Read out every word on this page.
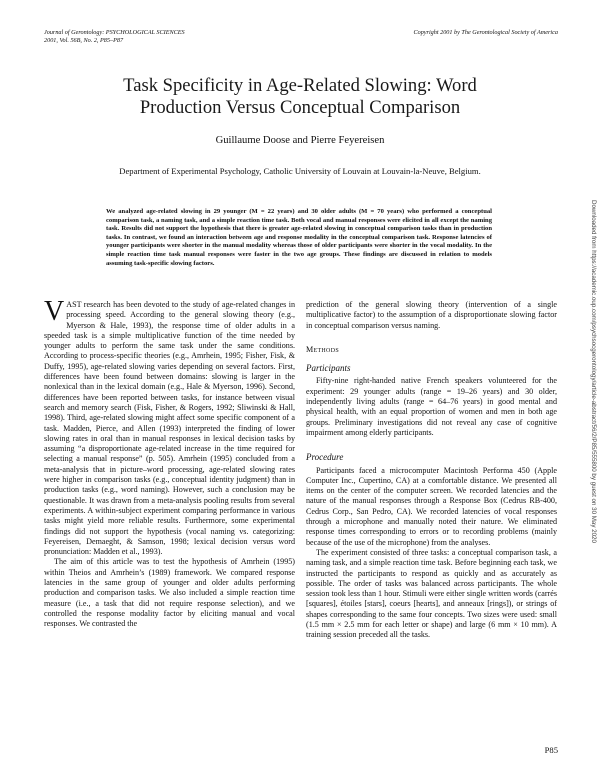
Journal of Gerontology: PSYCHOLOGICAL SCIENCES
2001, Vol. 56B, No. 2, P85–P87
Copyright 2001 by The Gerontological Society of America
Task Specificity in Age-Related Slowing: Word
Production Versus Conceptual Comparison
Guillaume Doose and Pierre Feyereisen
Department of Experimental Psychology, Catholic University of Louvain at Louvain-la-Neuve, Belgium.
We analyzed age-related slowing in 29 younger (M = 22 years) and 30 older adults (M = 70 years) who performed a conceptual comparison task, a naming task, and a simple reaction time task. Both vocal and manual responses were elicited in all except the naming task. Results did not support the hypothesis that there is greater age-related slowing in conceptual comparison tasks than in production tasks. In contrast, we found an interaction between age and response modality in the conceptual comparison task. Response latencies of younger participants were shorter in the manual modality whereas those of older participants were shorter in the vocal modality. In the simple reaction time task manual responses were faster in the two age groups. These findings are discussed in relation to models assuming task-specific slowing factors.	Downloaded from https://academic.oup.com/psychsocgerontology/article-abstract/56/2/P85/555800 by guest on 30 May 2020

VAST research has been devoted to the study of age-related changes in processing speed. According to the general slowing theory (e.g., Myerson & Hale, 1993), the response time of older adults in a speeded task is a simple multiplicative function of the time needed by younger adults to perform the same task under the same conditions. According to process-specific theories (e.g., Amrhein, 1995; Fisher, Fisk, & Duffy, 1995), age-related slowing varies depending on several factors. First, differences have been found between domains: slowing is larger in the nonlexical than in the lexical domain (e.g., Hale & Myerson, 1996). Second, differences have been reported between tasks, for instance between visual search and memory search (Fisk, Fisher, & Rogers, 1992; Sliwinski & Hall, 1998). Third, age-related slowing might affect some specific component of a task. Madden, Pierce, and Allen (1993) interpreted the finding of lower slowing rates in oral than in manual responses in lexical decision tasks by assuming “a disproportionate age-related increase in the time required for selecting a manual response” (p. 505). Amrhein (1995) concluded from a meta-analysis that in picture–word processing, age-related slowing rates were higher in comparison tasks (e.g., conceptual identity judgment) than in production tasks (e.g., word naming). However, such a conclusion may be questionable. It was drawn from a meta-analysis pooling results from several experiments. A within-subject experiment comparing performance in various tasks might yield more reliable results. Furthermore, some experimental findings did not support the hypothesis (vocal naming vs. categorizing: Feyereisen, Demaeght, & Samson, 1998; lexical decision versus word pronunciation: Madden et al., 1993).

The aim of this article was to test the hypothesis of Amrhein (1995) within Theios and Amrhein’s (1989) framework. We compared response latencies in the same group of younger and older adults performing production and comparison tasks. We also included a simple reaction time measure (i.e., a task that did not require response selection), and we controlled the response modality factor by eliciting manual and vocal responses. We contrasted the

prediction of the general slowing theory (intervention of a single multiplicative factor) to the assumption of a disproportionate slowing factor in conceptual comparison versus naming.

Methods
Participants

Fifty-nine right-handed native French speakers volunteered for the experiment: 29 younger adults (range = 19–26 years) and 30 older, independently living adults (range = 64–76 years) in good mental and physical health, with an equal proportion of women and men in both age groups. Preliminary investigations did not reveal any case of cognitive impairment among elderly participants.

Procedure

Participants faced a microcomputer Macintosh Performa 450 (Apple Computer Inc., Cupertino, CA) at a comfortable distance. We presented all items on the center of the computer screen. We recorded latencies and the nature of the manual responses through a Response Box (Cedrus RB-400, Cedrus Corp., San Pedro, CA). We recorded latencies of vocal responses through a microphone and manually noted their nature. We eliminated response times corresponding to errors or to recording problems (mainly because of the use of the microphone) from the analyses.

The experiment consisted of three tasks: a conceptual comparison task, a naming task, and a simple reaction time task. Before beginning each task, we instructed the participants to respond as quickly and as accurately as possible. The order of tasks was balanced across participants. The whole session took less than 1 hour. Stimuli were either single written words (carrés [squares], étoiles [stars], coeurs [hearts], and anneaux [rings]), or strings of shapes corresponding to the same four concepts. Two sizes were used: small (1.5 mm × 2.5 mm for each letter or shape) and large (6 mm × 10 mm). A training session preceded all the tasks.

P85
